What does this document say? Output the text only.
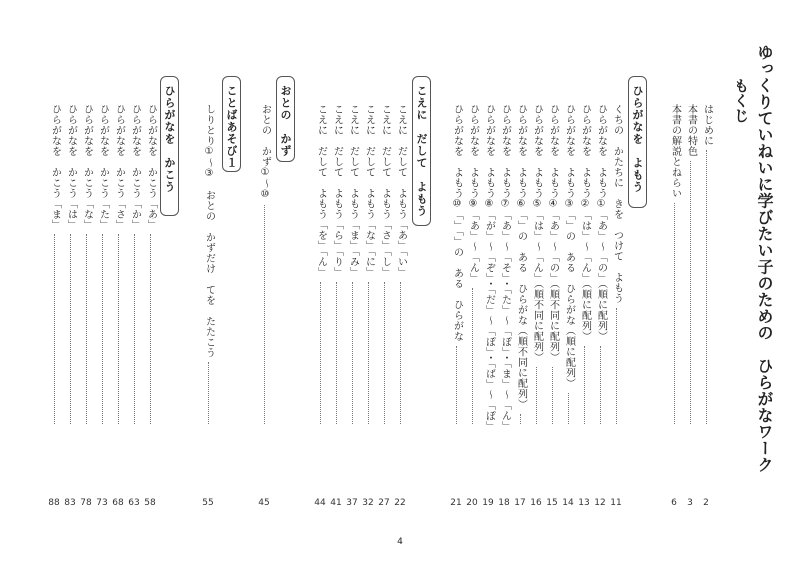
ゆっくりていねいに学びたい子のための　ひらがなワーク
もくじ
はじめに
2
本書の特色
3
本書の解説とねらい
6
ひらがなを　よもう
くちの　かたちに　きを　つけて　よもう
11
ひらがなを　よもう①「あ」～「の」（順に配列）
12
ひらがなを　よもう②「は」～「ん」（順に配列）
13
ひらがなを　よもう③「」の　ある　ひらがな（順に配列）
14
ひらがなを　よもう④「あ」～「の」（順不同に配列）
15
ひらがなを　よもう⑤「は」～「ん」（順不同に配列）
16
ひらがなを　よもう⑥「」の　ある　ひらがな（順不同に配列）
17
ひらがなを　よもう⑦「あ」～「そ」・「た」～「ぽ」・「ま」～「ん」
18
ひらがなを　よもう⑧「が」～「ぞ」・「だ」～「ぽ」・「ば」～「ぽ」
19
ひらがなを　よもう⑨「あ」～「ん」
20
ひらがなを　よもう⑩「」「」の　ある　ひらがな
21
こえに　だして　よもう
こえに　だして　よもう「あ」「い」
22
こえに　だして　よもう「さ」「し」
27
こえに　だして　よもう「な」「に」
32
こえに　だして　よもう「ま」「み」
37
こえに　だして　よもう「ら」「り」
41
こえに　だして　よもう「を」「ん」
44
おとの　かず
おとの　かず①～⑩
45
ことばあそび１
しりとり①～③　おとの　かずだけ　てを　たたこう
55
ひらがなを　かこう
ひらがなを　かこう「あ」
58
ひらがなを　かこう「か」
63
ひらがなを　かこう「さ」
68
ひらがなを　かこう「た」
73
ひらがなを　かこう「な」
78
ひらがなを　かこう「は」
83
ひらがなを　かこう「ま」
88
4
